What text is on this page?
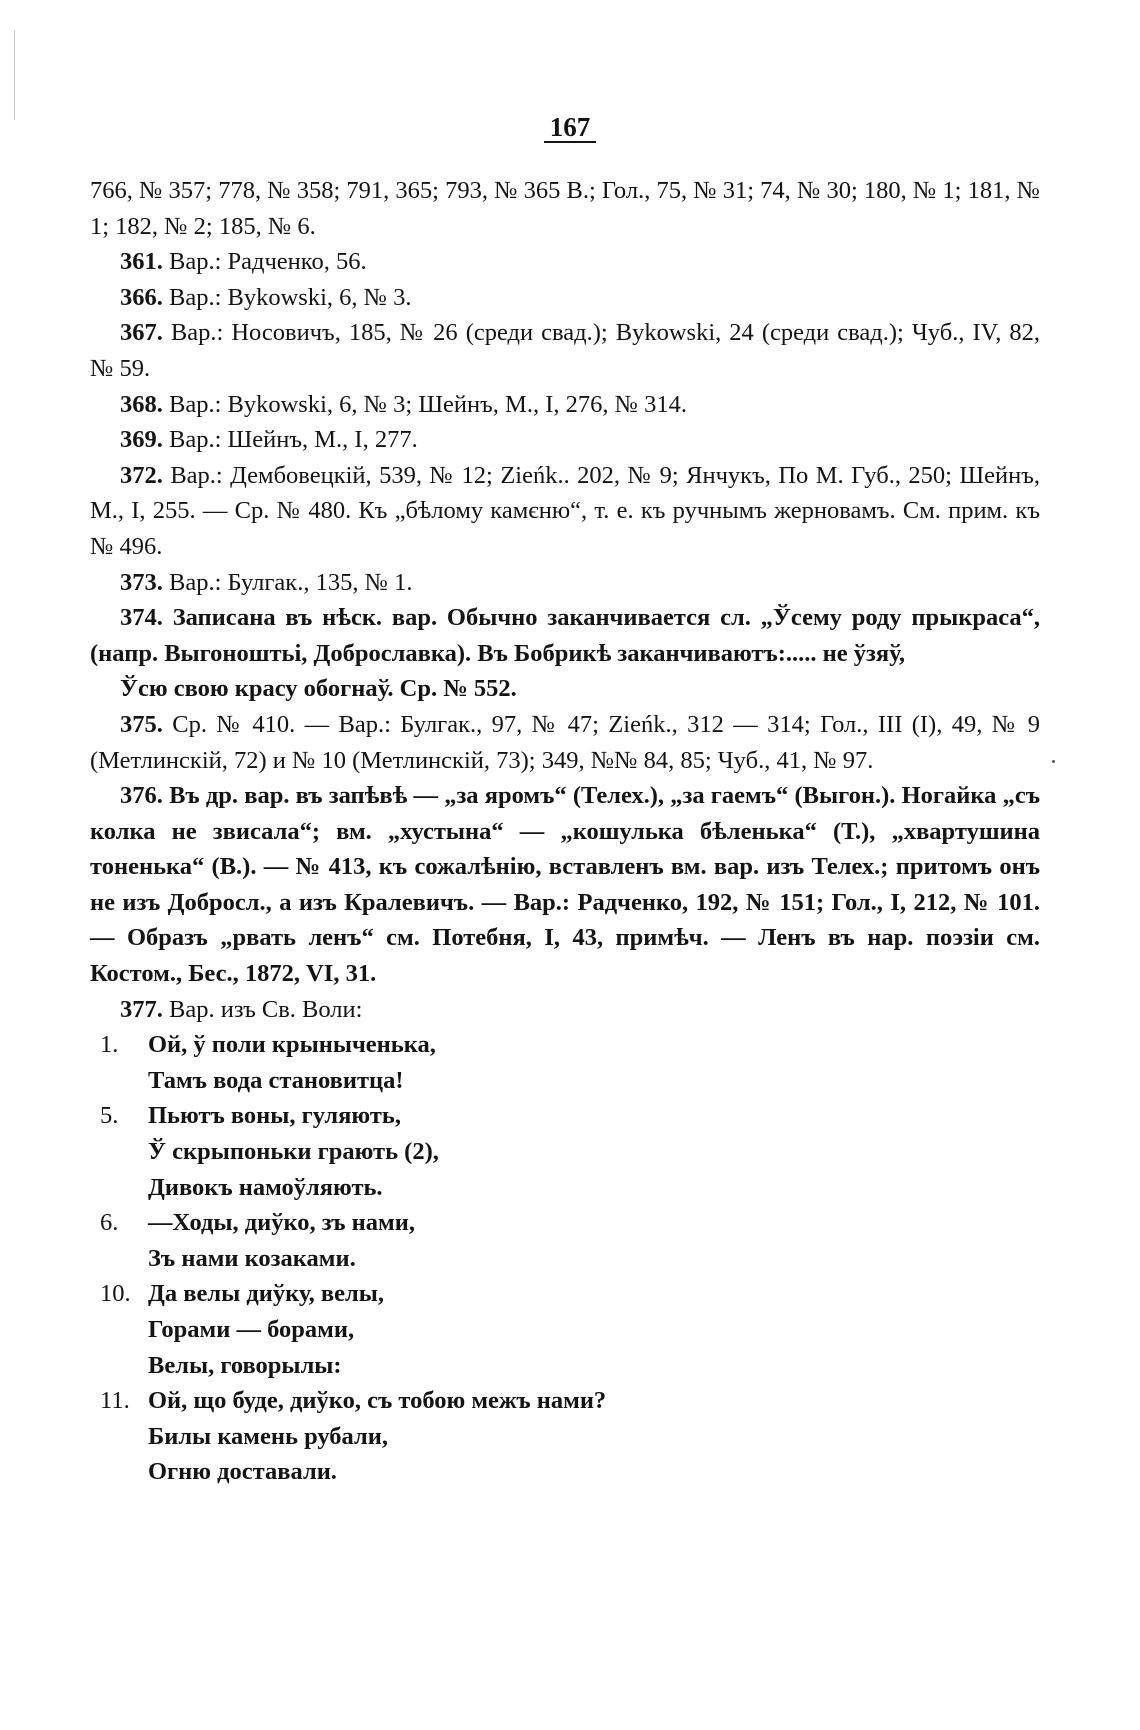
167

766, № 357; 778, № 358; 791, 365; 793, № 365 В.; Гол., 75, № 31; 74, № 30; 180, № 1; 181, № 1; 182, № 2; 185, № 6.

361. Вар.: Радченко, 56.

366. Вар.: Bykowski, 6, № 3.

367. Вар.: Носовичъ, 185, № 26 (среди свад.); Bykowski, 24 (среди свад.); Чуб., IV, 82, № 59.

368. Вар.: Bykowski, 6, № 3; Шейнъ, М., I, 276, № 314.

369. Вар.: Шейнъ, М., I, 277.

372. Вар.: Дембовецкій, 539, № 12; Zieńk.. 202, № 9; Янчукъ, По М. Губ., 250; Шейнъ, М., I, 255. — Ср. № 480. Къ „бѣлому камєню“, т. е. къ ручнымъ жерновамъ. См. прим. къ № 496.

373. Вар.: Булгак., 135, № 1.

374. Записана въ нѣск. вар. Обычно заканчивается сл. „Ўсему роду прыкраса“, (напр. Выгоноштьі, Доброславка). Въ Бобрикѣ заканчиваютъ:..... не ўзяў,

Ўсю свою красу обогнаў. Ср. № 552.

375. Ср. № 410. — Вар.: Булгак., 97, № 47; Zieńk., 312 — 314; Гол., III (I), 49, № 9 (Метлинскій, 72) и № 10 (Метлинскій, 73); 349, №№ 84, 85; Чуб., 41, № 97.

376. Въ др. вар. въ запѣвѣ — „за яромъ“ (Телех.), „за гаемъ“ (Выгон.). Ногайка „съ колка не звисала“; вм. „хустына“ — „кошулька бѣленька“ (Т.), „хвартушина тоненька“ (В.). — № 413, къ сожалѣнію, вставленъ вм. вар. изъ Телех.; притомъ онъ не изъ Доброcл., а изъ Кралевичъ. — Вар.: Радченко, 192, № 151; Гол., I, 212, № 101. — Образъ „рвать ленъ“ см. Потебня, I, 43, примѣч. — Ленъ въ нар. поэзіи см. Костом., Бес., 1872, VI, 31.

377. Вар. изъ Св. Воли:

1.	Ой, ў поли крыныченька,
Тамъ вода становитца!
5.	Пьютъ воны, гуляють,
Ў скрыпоньки грають (2),
Дивокъ намоўляють.
6.	—Ходы, диўко, зъ нами,
Зъ нами козаками.
10. Да велы диўку, велы,
Горами — борами,
Велы, говорылы:
11. Ой, що буде, диўко, съ тобою межъ нами?
Билы камень рубали,
Огню доставали.
